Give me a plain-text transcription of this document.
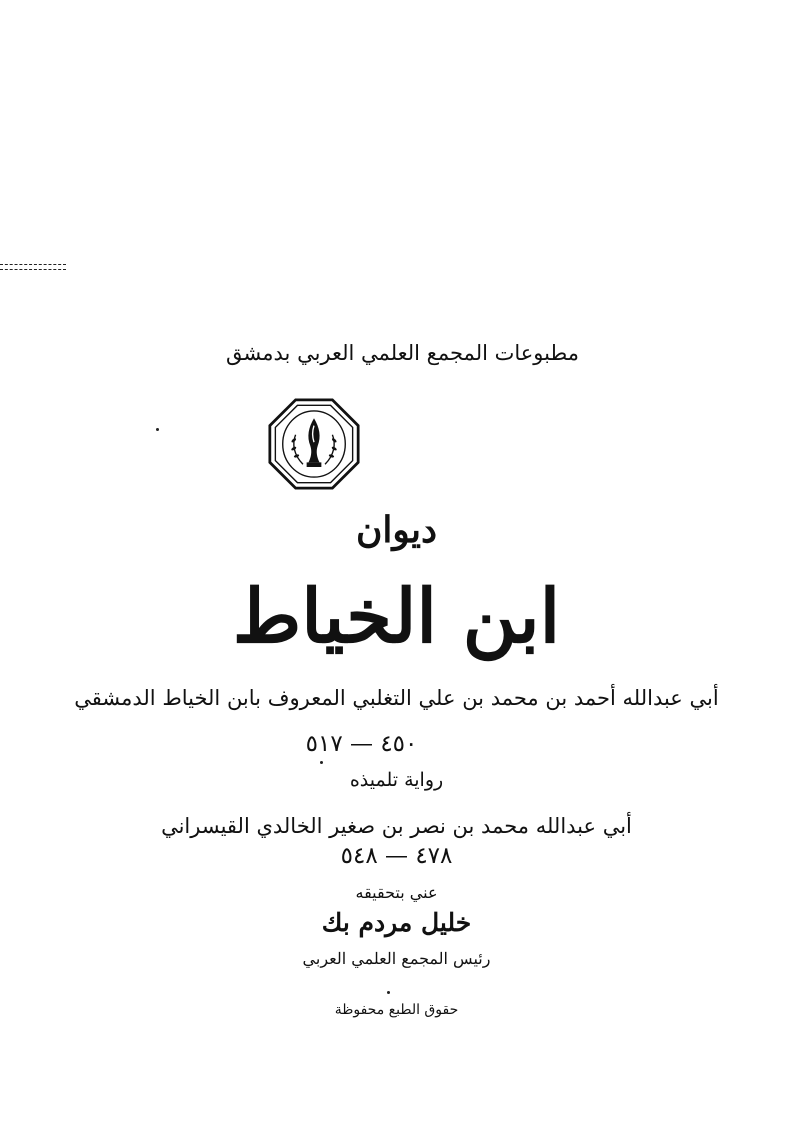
مطبوعات المجمع العلمي العربي بدمشق
ديوان
ابن الخياط
أبي عبدالله أحمد بن محمد بن علي التغلبي المعروف بابن الخياط الدمشقي
٤٥٠ — ٥١٧
رواية تلميذه
أبي عبدالله محمد بن نصر بن صغير الخالدي القيسراني
٤٧٨ — ٥٤٨
عني بتحقيقه
خليل مردم بك
رئيس المجمع العلمي العربي
حقوق الطبع محفوظة
